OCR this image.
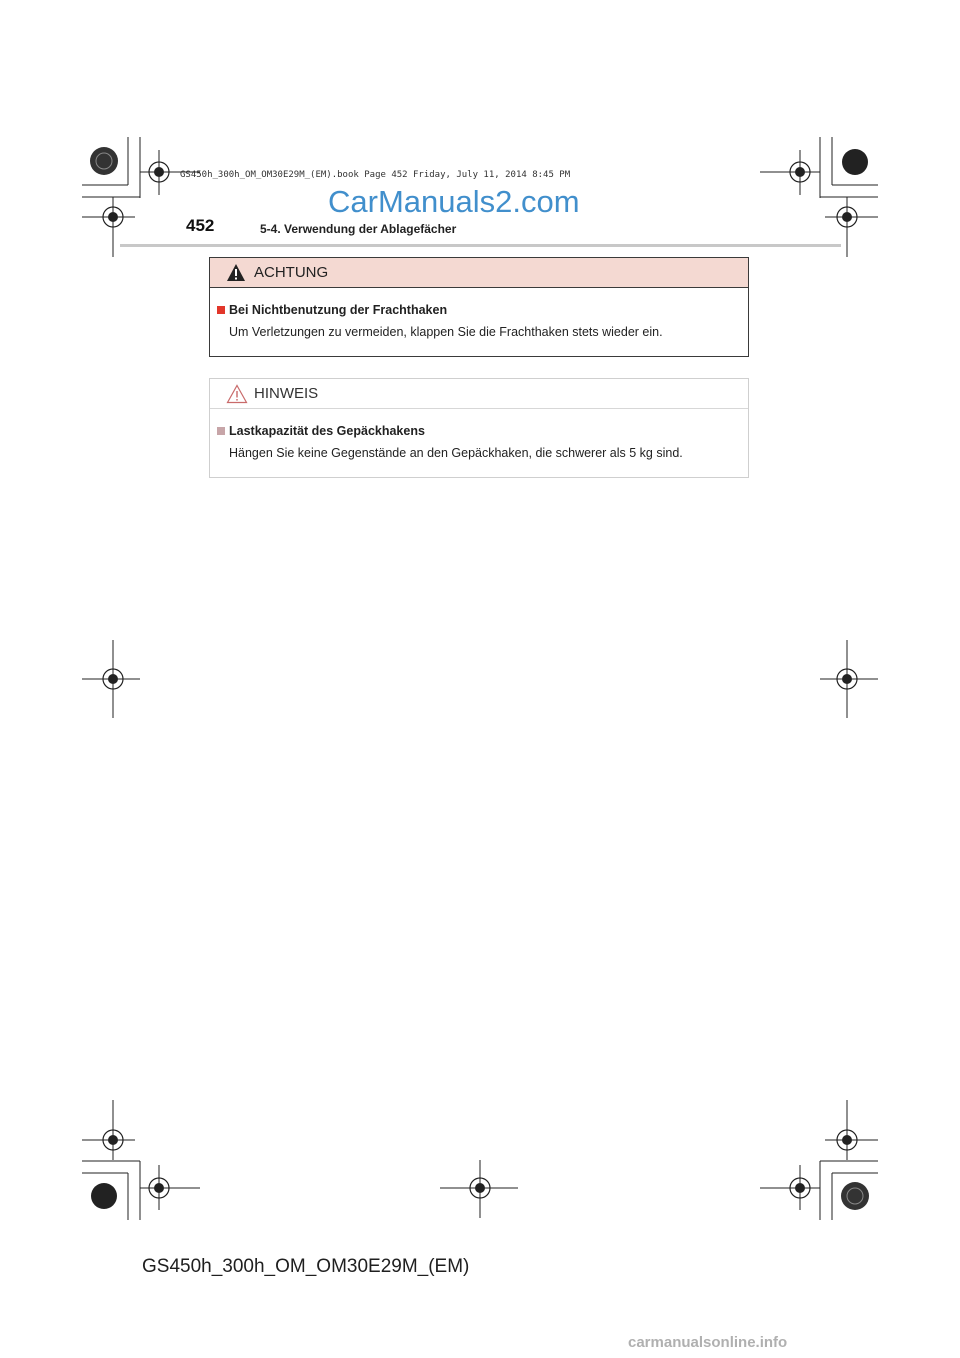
GS450h_300h_OM_OM30E29M_(EM).book Page 452 Friday, July 11, 2014 8:45 PM
CarManuals2.com
452	5-4. Verwendung der Ablagefächer
ACHTUNG
Bei Nichtbenutzung der Frachthaken
Um Verletzungen zu vermeiden, klappen Sie die Frachthaken stets wieder ein.
HINWEIS
Lastkapazität des Gepäckhakens
Hängen Sie keine Gegenstände an den Gepäckhaken, die schwerer als 5 kg sind.
GS450h_300h_OM_OM30E29M_(EM)
carmanualsonline.info
